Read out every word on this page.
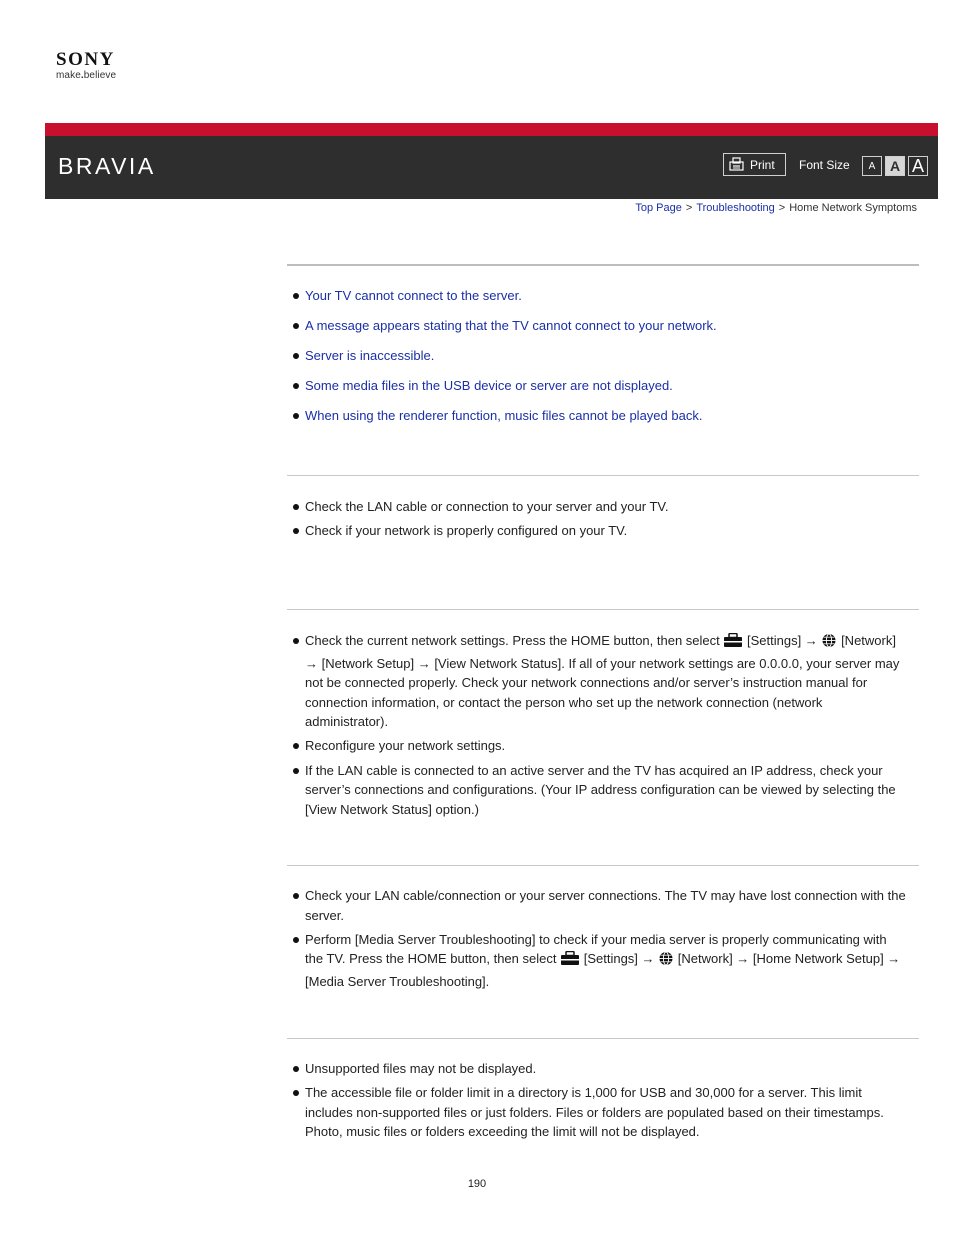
SONY
make.believe
BRAVIA	Print Font Size	A	A A
Top Page > Troubleshooting > Home Network Symptoms
Your TV cannot connect to the server.
A message appears stating that the TV cannot connect to your network.
Server is inaccessible.
Some media files in the USB device or server are not displayed.
When using the renderer function, music files cannot be played back.
Check the LAN cable or connection to your server and your TV.
Check if your network is properly configured on your TV.
Check the current network settings. Press the HOME button, then select [Settings] → [Network] → [Network Setup] → [View Network Status]. If all of your network settings are 0.0.0.0, your server may not be connected properly. Check your network connections and/or server’s instruction manual for connection information, or contact the person who set up the network connection (network administrator).
Reconfigure your network settings.
If the LAN cable is connected to an active server and the TV has acquired an IP address, check your server’s connections and configurations. (Your IP address configuration can be viewed by selecting the [View Network Status] option.)
Check your LAN cable/connection or your server connections. The TV may have lost connection with the server.
Perform [Media Server Troubleshooting] to check if your media server is properly communicating with the TV. Press the HOME button, then select [Settings] → [Network] → [Home Network Setup] → [Media Server Troubleshooting].
Unsupported files may not be displayed.
The accessible file or folder limit in a directory is 1,000 for USB and 30,000 for a server. This limit includes non-supported files or just folders. Files or folders are populated based on their timestamps. Photo, music files or folders exceeding the limit will not be displayed.
190
